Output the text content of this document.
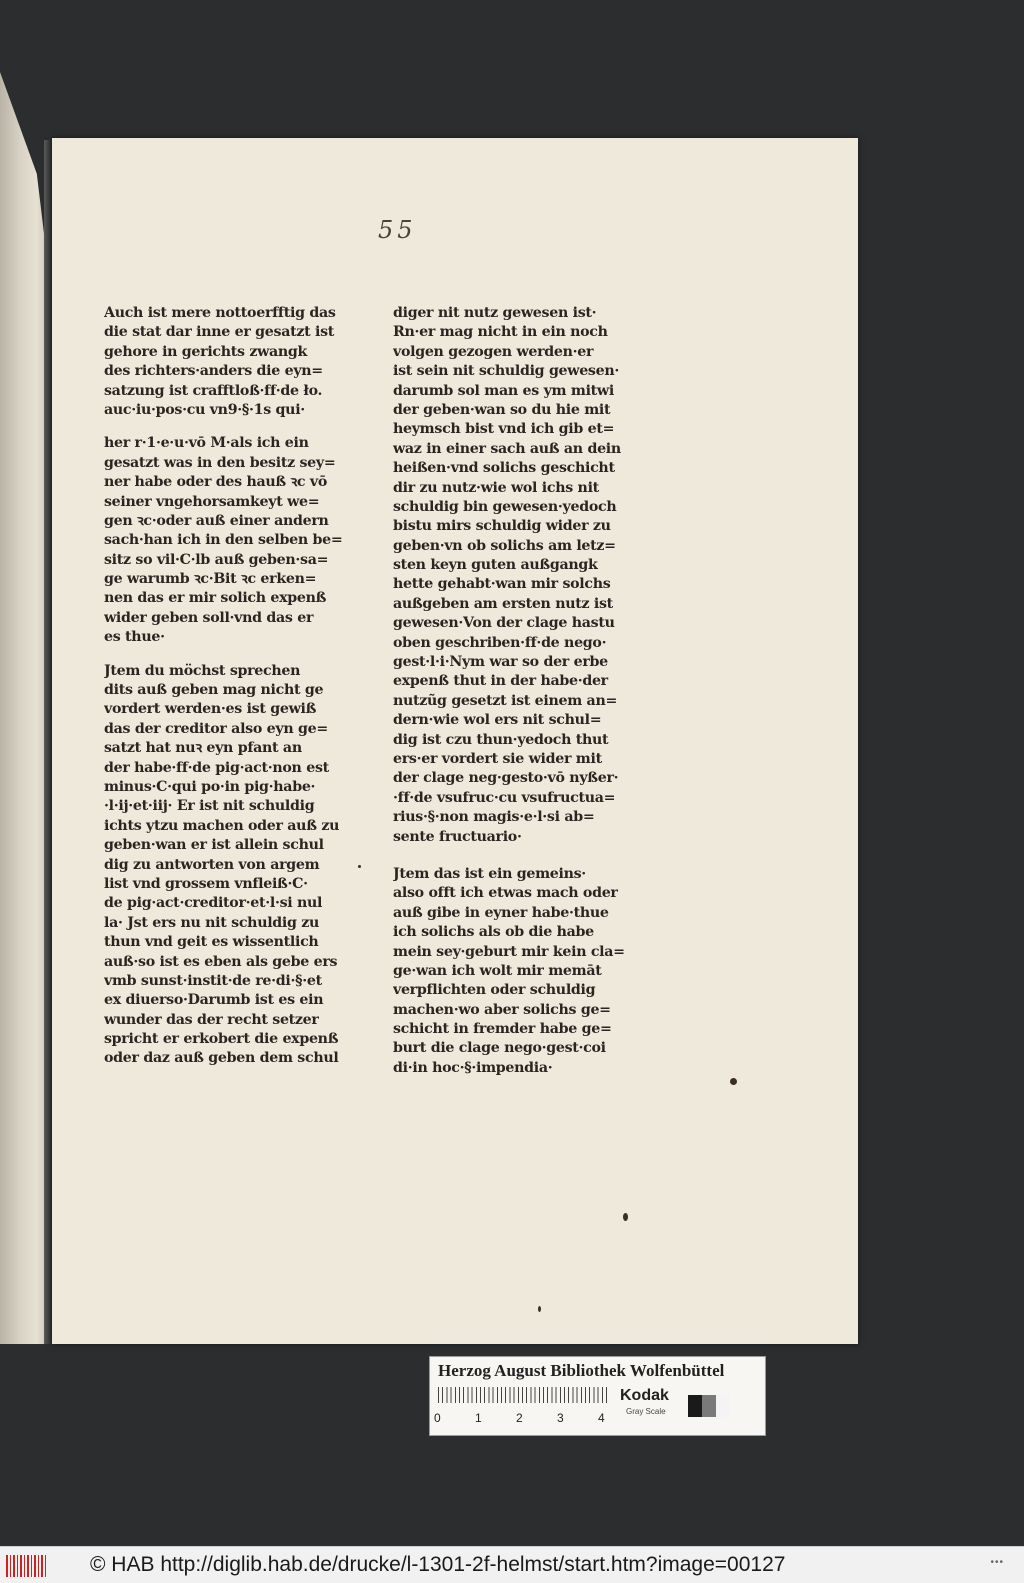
55
Auch ist mere nottoerfftig das
die stat dar inne er gesatzt ist
gehore in gerichts zwangk
des richters·anders die eyn=
satzung ist crafftloß·ff·de ło.
auc·iu·pos·cu vn9·§·1s qui·
her r·1·e·u·vō M·als ich ein
gesatzt was in den besitz sey=
ner habe oder des hauß ꝛc vō
seiner vngehorsamkeyt we=
gen ꝛc·oder auß einer andern
sach·han ich in den selben be=
sitz so vil·C·lb auß geben·sa=
ge warumb ꝛc·Bit ꝛc erken=
nen das er mir solich expenß
wider geben soll·vnd das er
es thue·
Jtem du möchst sprechen
dits auß geben mag nicht ge
vordert werden·es ist gewiß
das der creditor also eyn ge=
satzt hat nuꝛ eyn pfant an
der habe·ff·de pig·act·non est
minus·C·qui po·in pig·habe·
·l·ij·et·iij· Er ist nit schuldig
ichts ytzu machen oder auß zu
geben·wan er ist allein schul
dig zu antworten von argem
list vnd grossem vnfleiß·C·
de pig·act·creditor·et·l·si nul
la· Jst ers nu nit schuldig zu
thun vnd geit es wissentlich
auß·so ist es eben als gebe ers
vmb sunst·instit·de re·di·§·et
ex diuerso·Darumb ist es ein
wunder das der recht setzer
spricht er erkobert die expenß
oder daz auß geben dem schul
diger nit nutz gewesen ist·
Rn·er mag nicht in ein noch
volgen gezogen werden·er
ist sein nit schuldig gewesen·
darumb sol man es ym mitwi
der geben·wan so du hie mit
heymsch bist vnd ich gib et=
waz in einer sach auß an dein
heißen·vnd solichs geschicht
dir zu nutz·wie wol ichs nit
schuldig bin gewesen·yedoch
bistu mirs schuldig wider zu
geben·vn ob solichs am letz=
sten keyn guten außgangk
hette gehabt·wan mir solchs
außgeben am ersten nutz ist
gewesen·Von der clage hastu
oben geschriben·ff·de nego·
gest·l·i·Nym war so der erbe
expenß thut in der habe·der
nutzũg gesetzt ist einem an=
dern·wie wol ers nit schul=
dig ist czu thun·yedoch thut
ers·er vordert sie wider mit
der clage neg·gesto·vō nyßer·
·ff·de vsufruc·cu vsufructua=
rius·§·non magis·e·l·si ab=
sente fructuario·
Jtem das ist ein gemeins·
also offt ich etwas mach oder
auß gibe in eyner habe·thue
ich solichs als ob die habe
mein sey·geburt mir kein cla=
ge·wan ich wolt mir memāt
verpflichten oder schuldig
machen·wo aber solichs ge=
schicht in fremder habe ge=
burt die clage nego·gest·coi
di·in hoc·§·impendia·
Herzog August Bibliothek Wolfenbüttel
0	1	2	3	4
Kodak
Gray Scale
© HAB http://diglib.hab.de/drucke/l-1301-2f-helmst/start.htm?image=00127	•••
